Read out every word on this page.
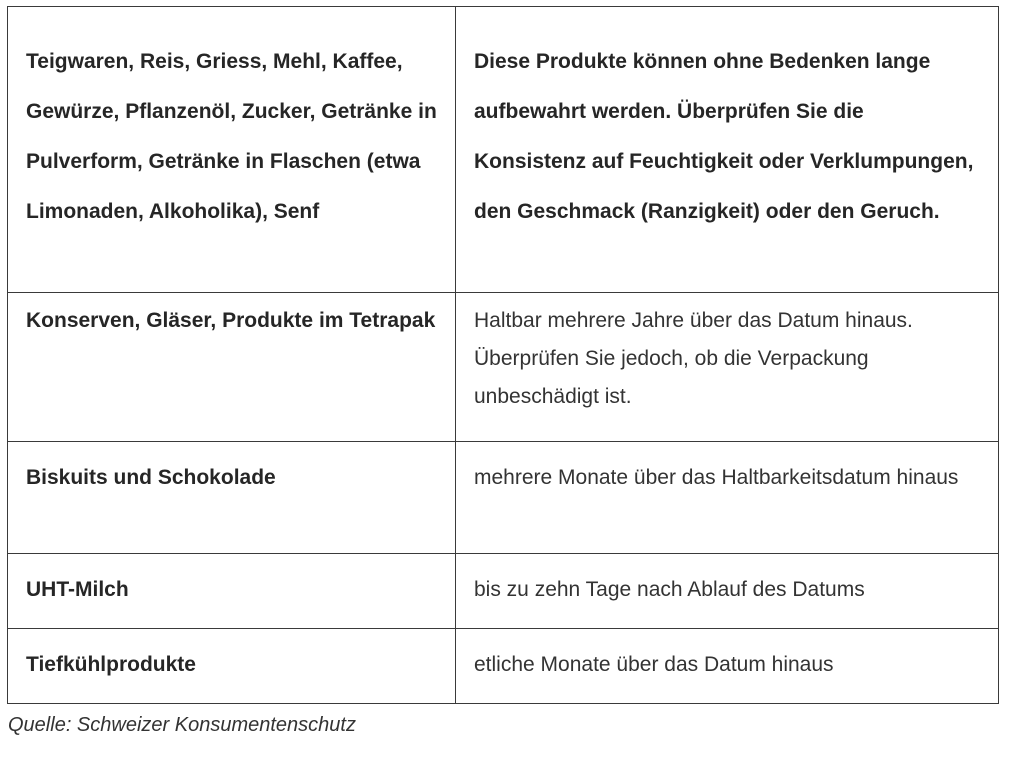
Teigwaren, Reis, Griess, Mehl, Kaffee, Gewürze, Pflanzenöl, Zucker, Getränke in Pulverform, Getränke in Flaschen (etwa Limonaden, Alkoholika), Senf	Diese Produkte können ohne Bedenken lange aufbewahrt werden. Überprüfen Sie die Konsistenz auf Feuchtigkeit oder Verklumpungen, den Geschmack (Ranzigkeit) oder den Geruch.
Konserven, Gläser, Produkte im Tetrapak	Haltbar mehrere Jahre über das Datum hinaus. Überprüfen Sie jedoch, ob die Verpackung unbeschädigt ist.
Biskuits und Schokolade	mehrere Monate über das Haltbarkeitsdatum hinaus
UHT-Milch	bis zu zehn Tage nach Ablauf des Datums
Tiefkühlprodukte	etliche Monate über das Datum hinaus
Quelle: Schweizer Konsumentenschutz
